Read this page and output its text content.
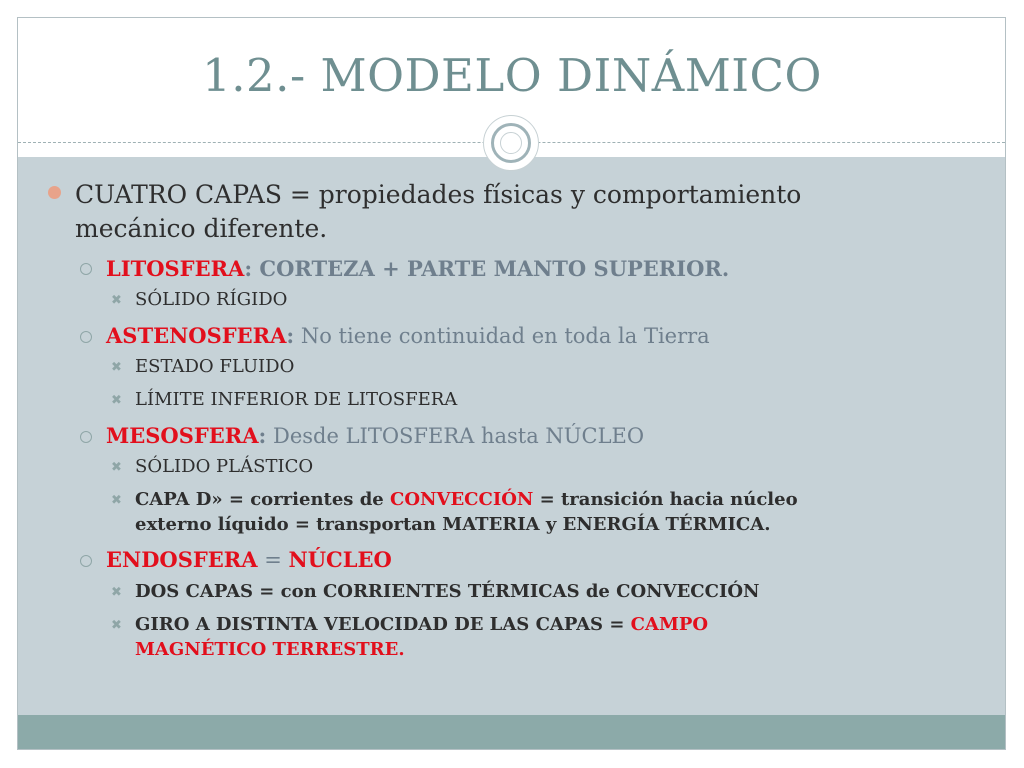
1.2.- MODELO DINÁMICO
CUATRO CAPAS = propiedades físicas y comportamiento
mecánico diferente.
LITOSFERA: CORTEZA + PARTE MANTO SUPERIOR.
✖ SÓLIDO RÍGIDO
ASTENOSFERA: No tiene continuidad en toda la Tierra
✖ ESTADO FLUIDO
✖ LÍMITE INFERIOR DE LITOSFERA
MESOSFERA: Desde LITOSFERA hasta NÚCLEO
✖ SÓLIDO PLÁSTICO
✖ CAPA D» = corrientes de CONVECCIÓN = transición hacia núcleo
externo líquido = transportan MATERIA y ENERGÍA TÉRMICA.
ENDOSFERA = NÚCLEO
✖ DOS CAPAS = con CORRIENTES TÉRMICAS de CONVECCIÓN
✖ GIRO A DISTINTA VELOCIDAD DE LAS CAPAS = CAMPO
MAGNÉTICO TERRESTRE.
